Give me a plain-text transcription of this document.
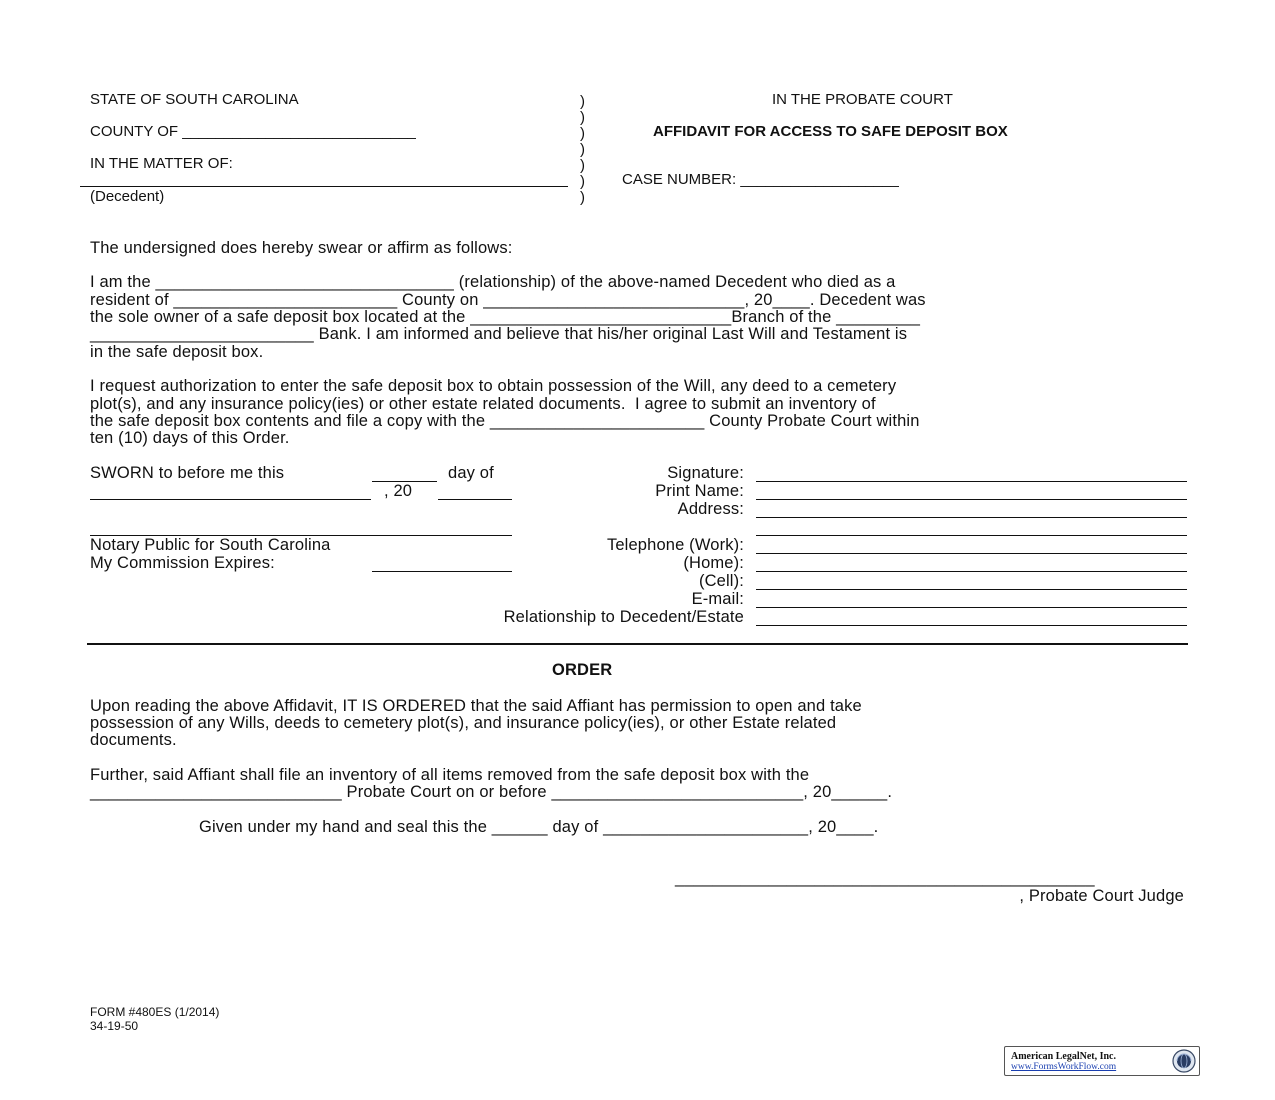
STATE OF SOUTH CAROLINA
COUNTY OF ____________________________
IN THE MATTER OF:
(Decedent)
)
)
)
)
)
)
)
IN THE PROBATE COURT
AFFIDAVIT FOR ACCESS TO SAFE DEPOSIT BOX
CASE NUMBER: ___________________
The undersigned does hereby swear or affirm as follows:
I am the ________________________________ (relationship) of the above-named Decedent who died as a
resident of ________________________ County on ____________________________, 20____. Decedent was
the sole owner of a safe deposit box located at the ____________________________Branch of the _________
________________________ Bank. I am informed and believe that his/her original Last Will and Testament is
in the safe deposit box.
I request authorization to enter the safe deposit box to obtain possession of the Will, any deed to a cemetery
plot(s), and any insurance policy(ies) or other estate related documents.  I agree to submit an inventory of
the safe deposit box contents and file a copy with the _______________________ County Probate Court within
ten (10) days of this Order.
SWORN to before me this	day of
, 20
Notary Public for South Carolina
My Commission Expires:
Signature:
Print Name:
Address:
Telephone (Work):
(Home):
(Cell):
E-mail:
Relationship to Decedent/Estate
ORDER
Upon reading the above Affidavit, IT IS ORDERED that the said Affiant has permission to open and take
possession of any Wills, deeds to cemetery plot(s), and insurance policy(ies), or other Estate related
documents.
Further, said Affiant shall file an inventory of all items removed from the safe deposit box with the
___________________________ Probate Court on or before ___________________________, 20______.
Given under my hand and seal this the ______ day of ______________________, 20____.
_____________________________________________
, Probate Court Judge
FORM #480ES (1/2014)
34-19-50
American LegalNet, Inc.
www.FormsWorkFlow.com
